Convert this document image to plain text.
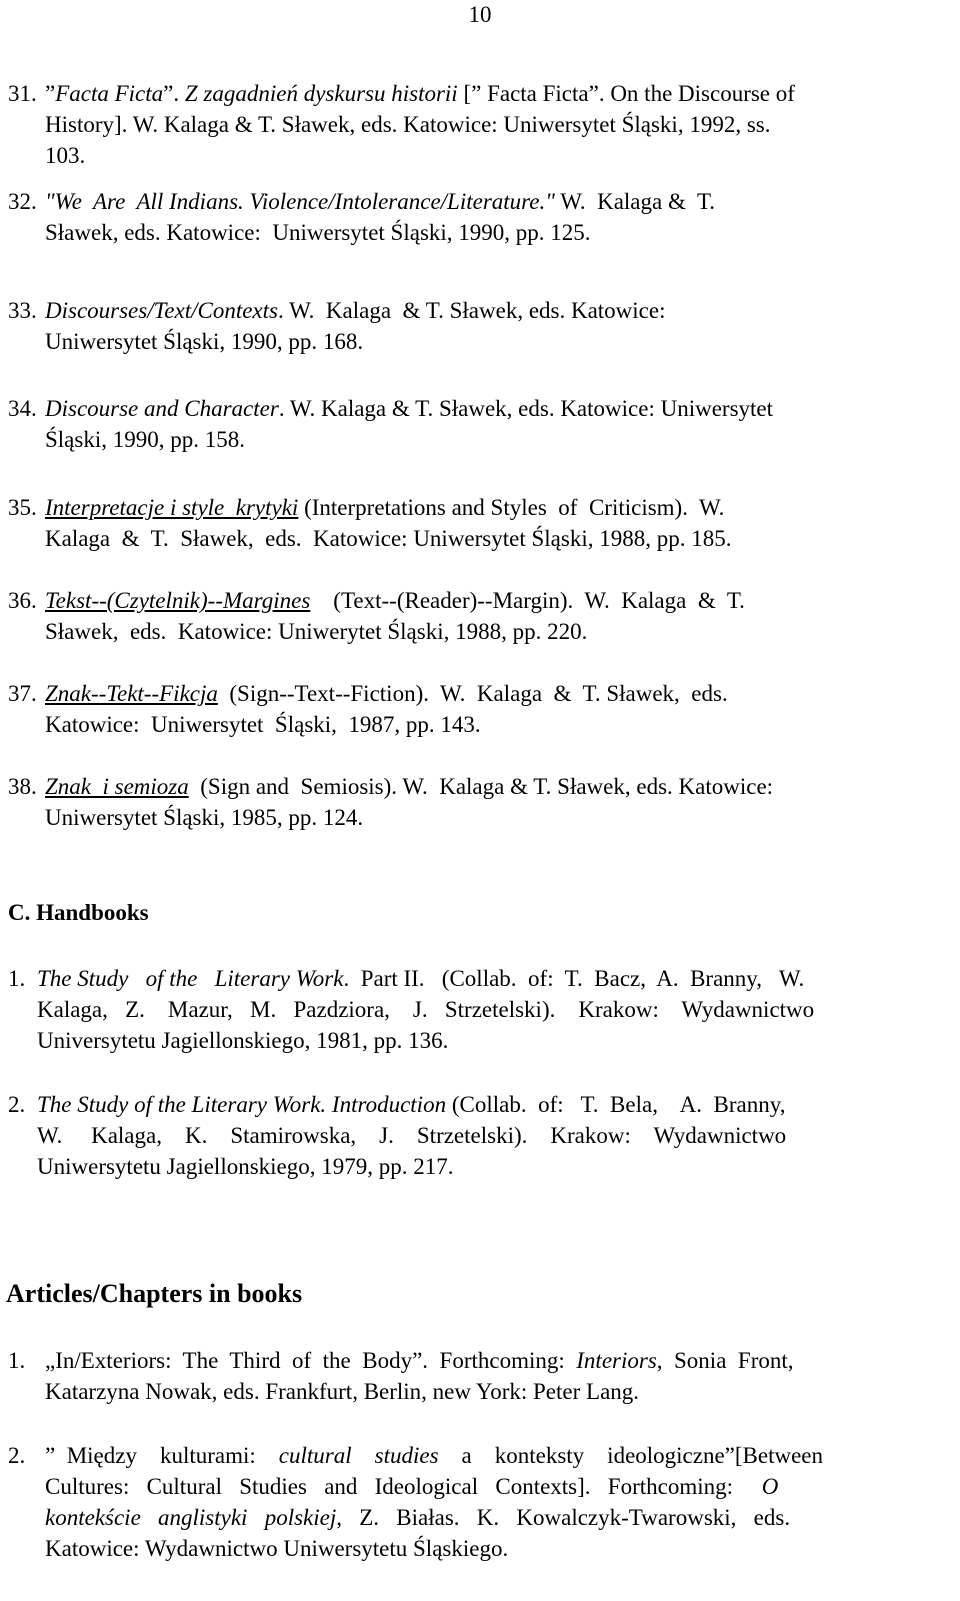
10
31. ”Facta Ficta”. Z zagadnień dyskursu historii [” Facta Ficta”. On the Discourse of
History]. W. Kalaga & T. Sławek, eds. Katowice: Uniwersytet Śląski, 1992, ss.
103.
32. "We  Are  All Indians. Violence/Intolerance/Literature." W.  Kalaga &  T.
Sławek, eds. Katowice:  Uniwersytet Śląski, 1990, pp. 125.
33. Discourses/Text/Contexts. W.  Kalaga  & T. Sławek, eds. Katowice:
Uniwersytet Śląski, 1990, pp. 168.
34. Discourse and Character. W. Kalaga & T. Sławek, eds. Katowice: Uniwersytet
Śląski, 1990, pp. 158.
35. Interpretacje i style  krytyki (Interpretations and Styles  of  Criticism).  W.
Kalaga  &  T.  Sławek,  eds.  Katowice: Uniwersytet Śląski, 1988, pp. 185.
36. Tekst--(Czytelnik)--Margines    (Text--(Reader)--Margin).  W.  Kalaga  &  T.
Sławek,  eds.  Katowice: Uniwerytet Śląski, 1988, pp. 220.
37. Znak--Tekt--Fikcja  (Sign--Text--Fiction).  W.  Kalaga  &  T. Sławek,  eds.
Katowice:  Uniwersytet  Śląski,  1987, pp. 143.
38. Znak  i semioza  (Sign and  Semiosis). W.  Kalaga & T. Sławek, eds. Katowice:
Uniwersytet Śląski, 1985, pp. 124.
C. Handbooks
1. The Study   of the   Literary Work.  Part II.   (Collab.  of:  T.  Bacz,  A.  Branny,   W.
Kalaga,   Z.    Mazur,   M.   Pazdziora,    J.   Strzetelski).    Krakow:    Wydawnictwo
Universytetu Jagiellonskiego, 1981, pp. 136.
2. The Study of the Literary Work. Introduction (Collab.  of:   T.  Bela,    A.  Branny,
W.     Kalaga,    K.    Stamirowska,    J.    Strzetelski).    Krakow:    Wydawnictwo
Uniwersytetu Jagiellonskiego, 1979, pp. 217.
Articles/Chapters in books
1. „In/Exteriors:  The  Third  of  the  Body”.  Forthcoming:  Interiors,  Sonia  Front,
Katarzyna Nowak, eds. Frankfurt, Berlin, new York: Peter Lang.
2. ”  Między    kulturami:    cultural    studies    a    konteksty    ideologiczne”[Between
Cultures:   Cultural   Studies   and   Ideological   Contexts].   Forthcoming:     O
kontekście   anglistyki   polskiej,   Z.   Białas.   K.   Kowalczyk-Twarowski,   eds.
Katowice: Wydawnictwo Uniwersytetu Śląskiego.
